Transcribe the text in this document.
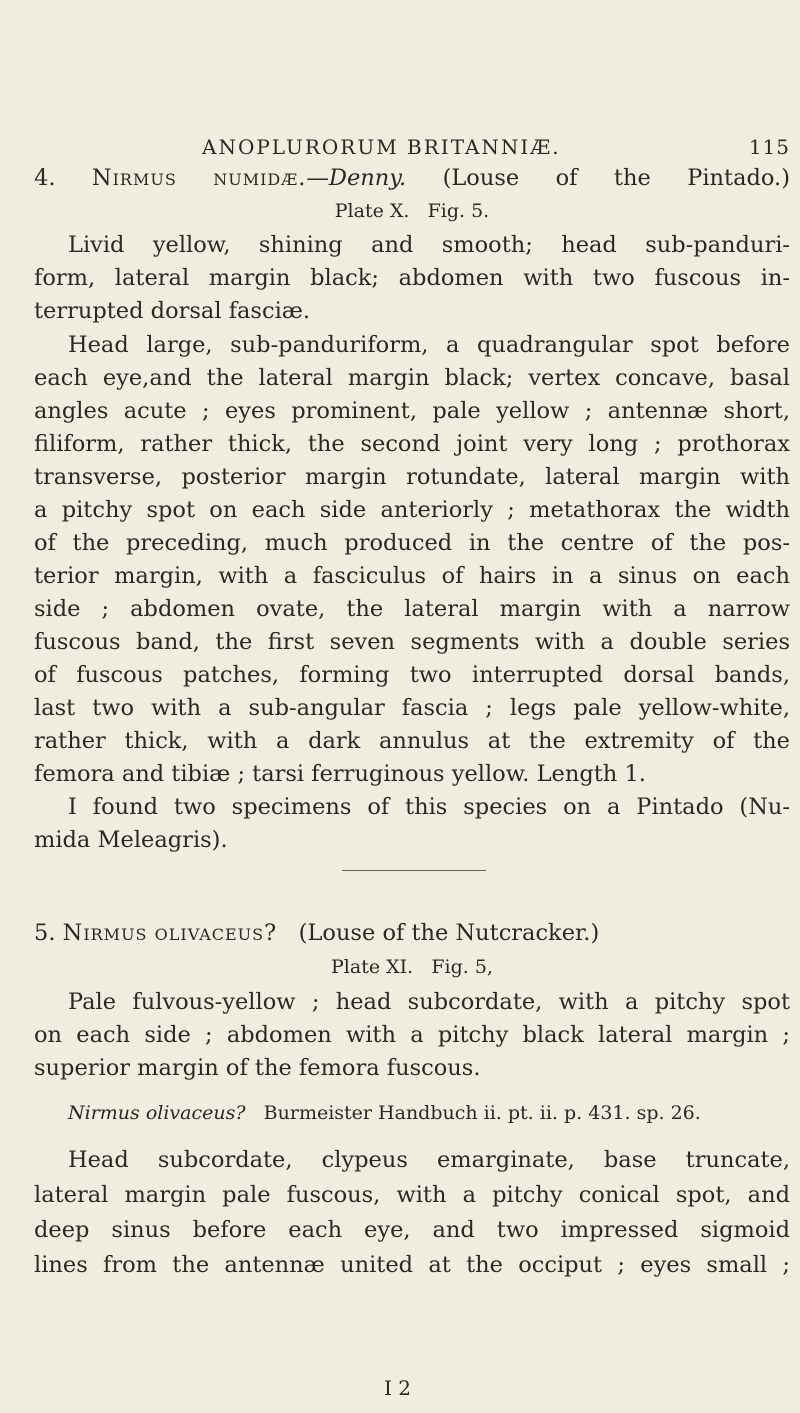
ANOPLURORUM BRITANNIÆ.	115
4. Nirmus numidæ.—Denny. (Louse of the Pintado.)
Plate X. Fig. 5.
Livid yellow, shining and smooth; head sub-panduri-
form, lateral margin black; abdomen with two fuscous in-
terrupted dorsal fasciæ.
Head large, sub-panduriform, a quadrangular spot before
each eye,and the lateral margin black; vertex concave, basal
angles acute ; eyes prominent, pale yellow ; antennæ short,
filiform, rather thick, the second joint very long ; prothorax
transverse, posterior margin rotundate, lateral margin with
a pitchy spot on each side anteriorly ; metathorax the width
of the preceding, much produced in the centre of the pos-
terior margin, with a fasciculus of hairs in a sinus on each
side ; abdomen ovate, the lateral margin with a narrow
fuscous band, the first seven segments with a double series
of fuscous patches, forming two interrupted dorsal bands,
last two with a sub-angular fascia ; legs pale yellow-white,
rather thick, with a dark annulus at the extremity of the
femora and tibiæ ; tarsi ferruginous yellow. Length 1.
I found two specimens of this species on a Pintado (Nu-
mida Meleagris).
5. Nirmus olivaceus? (Louse of the Nutcracker.)
Plate XI. Fig. 5,
Pale fulvous-yellow ; head subcordate, with a pitchy spot
on each side ; abdomen with a pitchy black lateral margin ;
superior margin of the femora fuscous.
Nirmus olivaceus? Burmeister Handbuch ii. pt. ii. p. 431. sp. 26.
Head subcordate, clypeus emarginate, base truncate,
lateral margin pale fuscous, with a pitchy conical spot, and
deep sinus before each eye, and two impressed sigmoid
lines from the antennæ united at the occiput ; eyes small ;
I 2
